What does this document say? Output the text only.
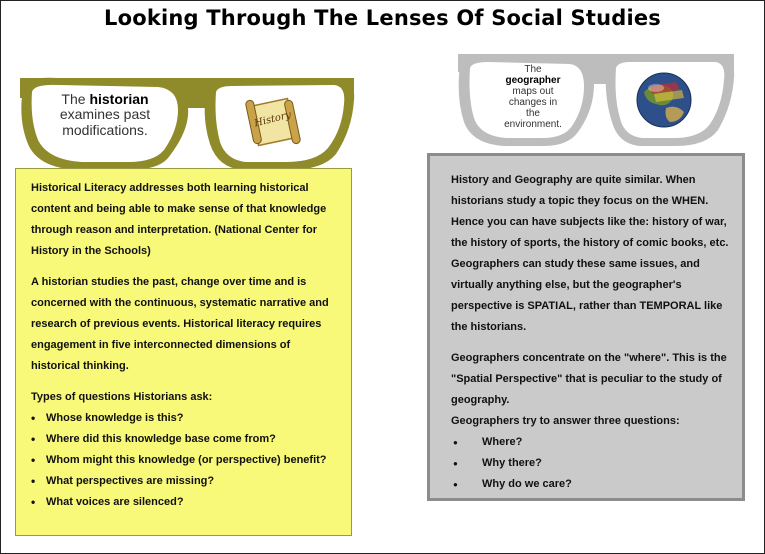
Looking Through The Lenses Of Social Studies
The historian
examines past
modifications.
History
The
geographer
maps out
changes in
the
environment.

Historical Literacy addresses both learning historical content and being able to make sense of that knowledge through reason and interpretation. (National Center for History in the Schools)

A historian studies the past, change over time and is concerned with the continuous, systematic narrative and research of previous events. Historical literacy requires engagement in five interconnected dimensions of historical thinking.

Types of questions Historians ask:

• Whose knowledge is this?
• Where did this knowledge base come from?
• Whom might this knowledge (or perspective) benefit?
• What perspectives are missing?
• What voices are silenced?

History and Geography are quite similar. When historians study a topic they focus on the WHEN. Hence you can have subjects like the: history of war, the history of sports, the history of comic books, etc. Geographers can study these same issues, and virtually anything else, but the geographer's perspective is SPATIAL, rather than TEMPORAL like the historians.

Geographers concentrate on the "where". This is the "Spatial Perspective" that is peculiar to the study of geography.

Geographers try to answer three questions:

● Where?
● Why there?
● Why do we care?
